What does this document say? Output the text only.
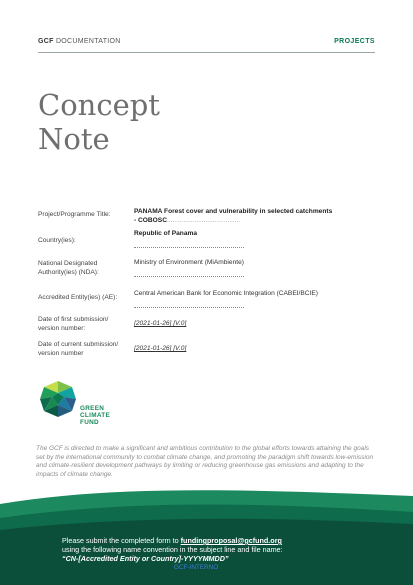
GCF DOCUMENTATION	PROJECTS
Concept
Note
Project/Programme Title:	PANAMA Forest cover and vulnerability in selected catchments - COBOSC........................................
Country(ies):
Republic of Panama
National Designated Authority(ies) (NDA):
Ministry of Environment (MiAmbiente)
Accredited Entity(ies) (AE):
Central American Bank for Economic Integration (CABEI/BCIE)
Date of first submission/ version number:
[2021-01-26] [V.0]
Date of current submission/ version number
[2021-01-26] [V.0]
GREEN
CLIMATE
FUND
The GCF is directed to make a significant and ambitious contribution to the global efforts towards attaining the goals set by the international community to combat climate change, and promoting the paradigm shift towards low-emission and climate-resilient development pathways by limiting or reducing greenhouse gas emissions and adapting to the impacts of climate change.
Please submit the completed form to fundingproposal@gcfund.org
using the following name convention in the subject line and file name:
“CN-[Accredited Entity or Country]-YYYYMMDD”
GCF-INTERNO
